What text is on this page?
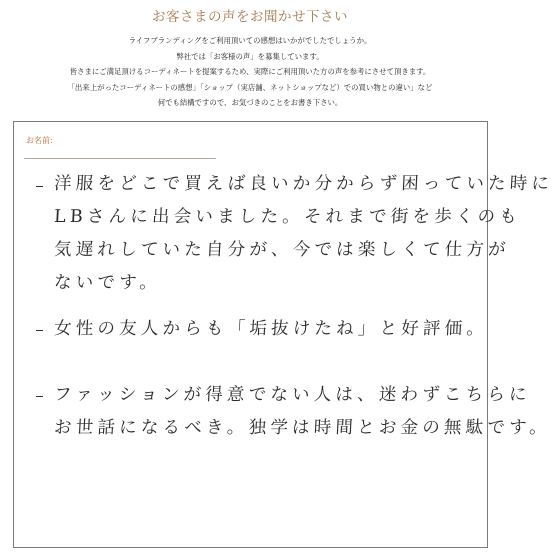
お客さまの声をお聞かせ下さい

ライフブランディングをご利用頂いての感想はいかがでしたでしょうか。

弊社では「お客様の声」を募集しています。

皆さまにご満足頂けるコーディネートを提案するため、実際にご利用頂いた方の声を参考にさせて頂きます。

「出来上がったコーディネートの感想」「ショップ（実店舗、ネットショップなど）での買い物との違い」など

何でも結構ですので、お気づきのことをお書き下さい。

お名前:
洋服をどこで買えば良いか分からず困っていた時に
LBさんに出会いました。それまで街を歩くのも
気遅れしていた自分が、今では楽しくて仕方が
ないです。
女性の友人からも「垢抜けたね」と好評価。
ファッションが得意でない人は、迷わずこちらに
お世話になるべき。独学は時間とお金の無駄です。
